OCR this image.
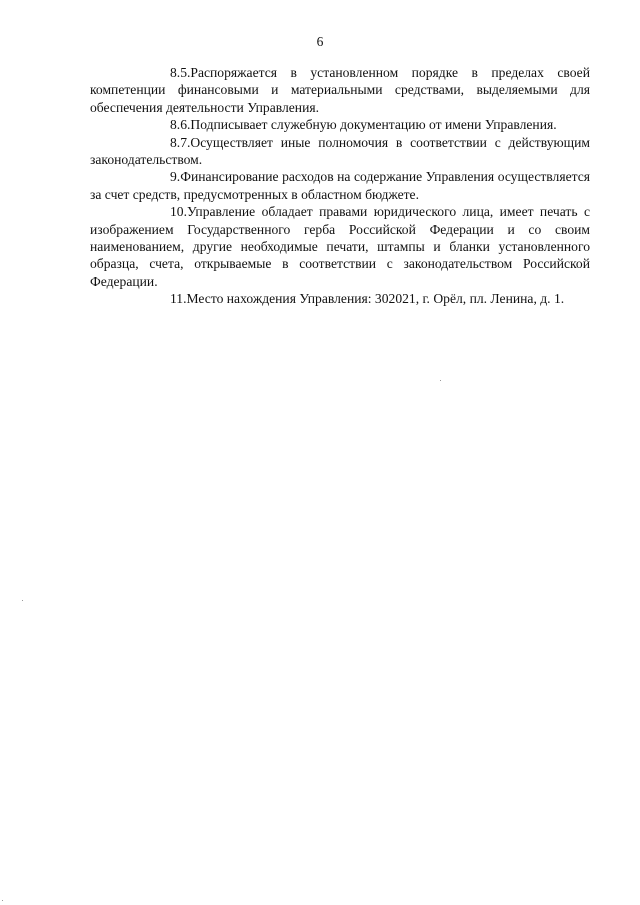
6

8.5.Распоряжается в установленном порядке в пределах своей компетенции финансовыми и материальными средствами, выделяемыми для обеспечения деятельности Управления.

8.6.Подписывает служебную документацию от имени Управления.

8.7.Осуществляет иные полномочия в соответствии с действующим законодательством.

9.Финансирование расходов на содержание Управления осуществляется за счет средств, предусмотренных в областном бюджете.

10.Управление обладает правами юридического лица, имеет печать с изображением Государственного герба Российской Федерации и со своим наименованием, другие необходимые печати, штампы и бланки установленного образца, счета, открываемые в соответствии с законодательством Российской Федерации.

11.Место нахождения Управления: 302021, г. Орёл, пл. Ленина, д. 1.
